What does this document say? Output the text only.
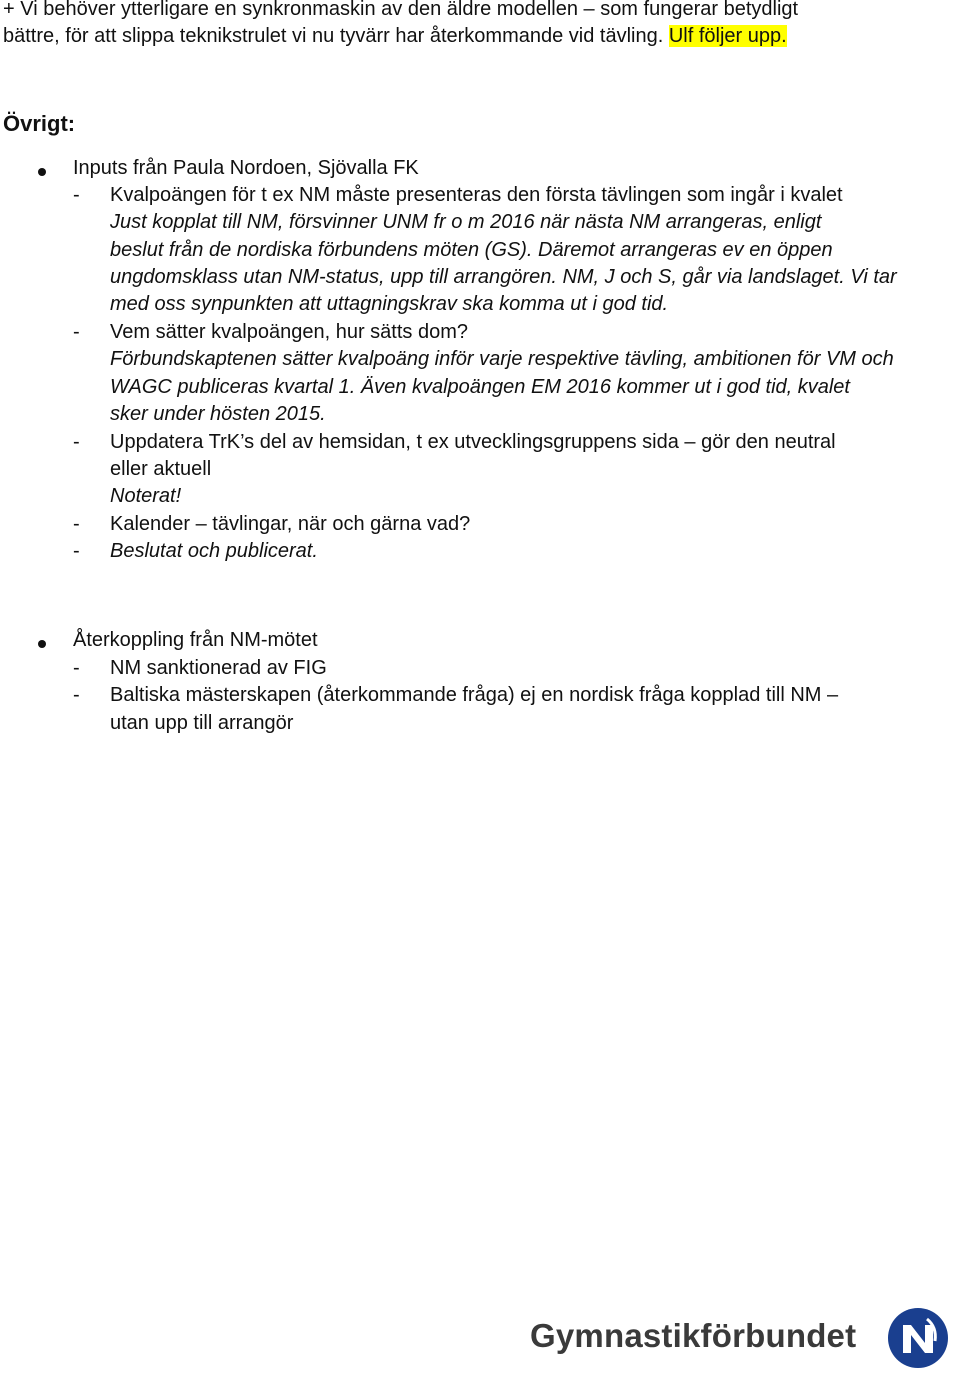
+ Vi behöver ytterligare en synkronmaskin av den äldre modellen – som fungerar betydligt
bättre, för att slippa teknikstrulet vi nu tyvärr har återkommande vid tävling. Ulf följer upp.
Övrigt:
Inputs från Paula Nordoen, Sjövalla FK
- Kvalpoängen för t ex NM måste presenteras den första tävlingen som ingår i kvalet
Just kopplat till NM, försvinner UNM fr o m 2016 när nästa NM arrangeras, enligt
beslut från de nordiska förbundens möten (GS). Däremot arrangeras ev en öppen
ungdomsklass utan NM-status, upp till arrangören. NM, J och S, går via landslaget. Vi tar
med oss synpunkten att uttagningskrav ska komma ut i god tid.
- Vem sätter kvalpoängen, hur sätts dom?
Förbundskaptenen sätter kvalpoäng inför varje respektive tävling, ambitionen för VM och
WAGC publiceras kvartal 1. Även kvalpoängen EM 2016 kommer ut i god tid, kvalet
sker under hösten 2015.
- Uppdatera TrK’s del av hemsidan, t ex utvecklingsgruppens sida – gör den neutral
eller aktuell
Noterat!
- Kalender – tävlingar, när och gärna vad?
- Beslutat och publicerat.
Återkoppling från NM-mötet
- NM sanktionerad av FIG
- Baltiska mästerskapen (återkommande fråga) ej en nordisk fråga kopplad till NM –
utan upp till arrangör
Gymnastikförbundet
